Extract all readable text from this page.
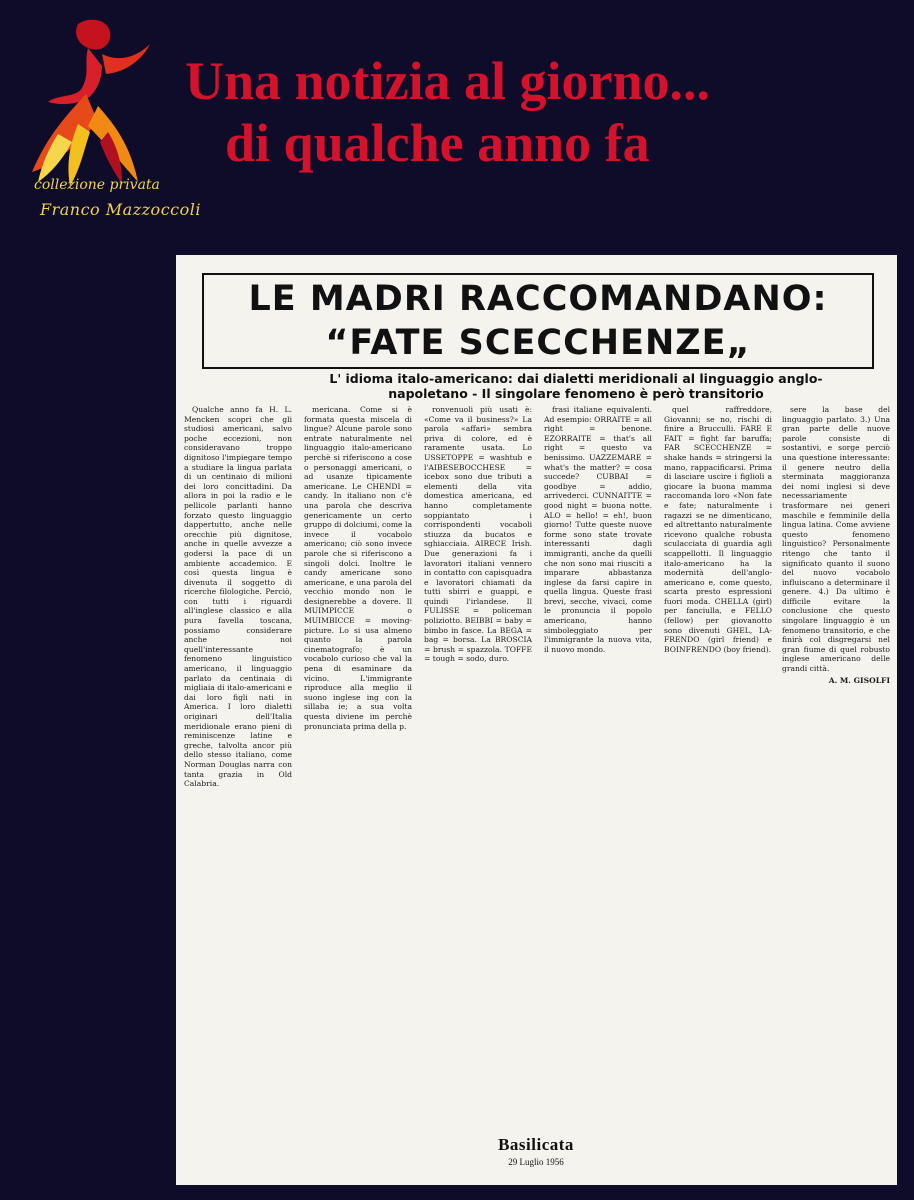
collezione privata
Franco Mazzoccoli
Una notizia al giorno...
di qualche anno fa
LE MADRI RACCOMANDANO:
“FATE SCECCHENZE„
L' idioma italo-americano: dai dialetti meridionali al linguaggio anglo-napoletano - Il singolare fenomeno è però transitorio

Qualche anno fa H. L. Mencken scopri che gli studiosi americani, salvo poche eccezioni, non consideravano troppo dignitoso l'impiegare tempo a studiare la lingua parlata di un centinaio di milioni dei loro concittadini. Da allora in poi la radio e le pellicole parlanti hanno forzato questo linguaggio dappertutto, anche nelle orecchie più dignitose, anche in quelle avvezze a godersi la pace di un ambiente accademico. E così questa lingua è divenuta il soggetto di ricerche filologiche. Perciò, con tutti i riguardi all'inglese classico e alla pura favella toscana, possiamo considerare anche noi quell'interessante fenomeno linguistico americano, il linguaggio parlato da centinaia di migliaia di italo-americani e dai loro figli nati in America. I loro dialetti originari dell'Italia meridionale erano pieni di reminiscenze latine e greche, talvolta ancor più dello stesso italiano, come Norman Douglas narra con tanta grazia in Old Calabria.

mericana. Come si è formata questa miscela di lingue? Alcune parole sono entrate naturalmente nel linguaggio italo-americano perchè si riferiscono a cose o personaggi americani, o ad usanze tipicamente americane. Le CHENDI = candy. In italiano non c'è una parola che descriva genericamente un certo gruppo di dolciumi, come la invece il vocabolo americano; ciò sono invece parole che si riferiscono a singoli dolci. Inoltre le candy americane sono americane, e una parola del vecchio mondo non le designerebbe a dovere. Il MUIMPICCE o MUIMBICCE = moving-picture. Lo si usa almeno quanto la parola cinematografo; è un vocabolo curioso che val la pena di esaminare da vicino. L'immigrante riproduce alla meglio il suono inglese ing con la sillaba ie; a sua volta questa diviene im perchè pronunciata prima della p.

ronvenuoli più usati è: «Come va il business?» La parola «affari» sembra priva di colore, ed è raramente usata. Lo USSETOPPE = washtub e l'AIBESEBOCCHESE = icebox sono due tributi a elementi della vita domestica americana, ed hanno completamente soppiantato i corrispondenti vocaboli stiuzza da bucatos e sghiacciaia. AIRECE Irish. Due generazioni fa i lavoratori italiani vennero in contatto con capisquadra e lavoratori chiamati da tutti sbirri e guappi, e quindi l'irlandese. Il FULISSE = policeman poliziotto. BEIBBI = baby = bimbo in fasce. La BEGA = bag = borsa. La BROSCIA = brush = spazzola. TOFFE = tough = sodo, duro.

frasi italiane equivalenti. Ad esempio: ORRAITE = all right = benone. EZORRAITE = that's all right = questo va benissimo. UAZZEMARE = what's the matter? = cosa succede? CUBBAI = goodbye = addio, arrivederci. CUNNAITTE = good night = buona notte. ALO = hello! = eh!, buon giorno! Tutte queste nuove forme sono state trovate interessanti dagli immigranti, anche da quelli che non sono mai riusciti a imparare abbastanza inglese da farsi capire in quella lingua. Queste frasi brevi, secche, vivaci, come le pronuncia il popolo americano, hanno simboleggiato per l'immigrante la nuova vita, il nuovo mondo.

quel raffreddore, Giovanni; se no, rischi di finire a Brucculli. FARE E FAIT = fight far baruffa; FAR SCECCHENZE = shake hands = stringersi la mano, rappacificarsi. Prima di lasciare uscire i figlioli a giocare la buona mamma raccomanda loro «Non fate e fate; naturalmente i ragazzi se ne dimenticano, ed altrettanto naturalmente ricevono qualche robusta sculacciata di guardia agli scappellotti. Il linguaggio italo-americano ha la modernità dell'anglo-americano e, come questo, scarta presto espressioni fuori moda. CHELLA (girl) per fanciulla, e FELLO (fellow) per giovanotto sono divenuti GHEL, LA-FRENDO (girl friend) e BOINFRENDO (boy friend).

sere la base del linguaggio parlato. 3.) Una gran parte delle nuove parole consiste di sostantivi, e sorge perciò una questione interessante: il genere neutro della sterminata maggioranza dei nomi inglesi si deve necessariamente trasformare nei generi maschile e femminile della lingua latina. Come avviene questo fenomeno linguistico? Personalmente ritengo che tanto il significato quanto il suono del nuovo vocabolo influiscano a determinare il genere. 4.) Da ultimo è difficile evitare la conclusione che questo singolare linguaggio è un fenomeno transitorio, e che finirà col disgregarsi nel gran fiume di quel robusto inglese americano delle grandi città.

A. M. GISOLFI
Basilicata
29 Luglio 1956
